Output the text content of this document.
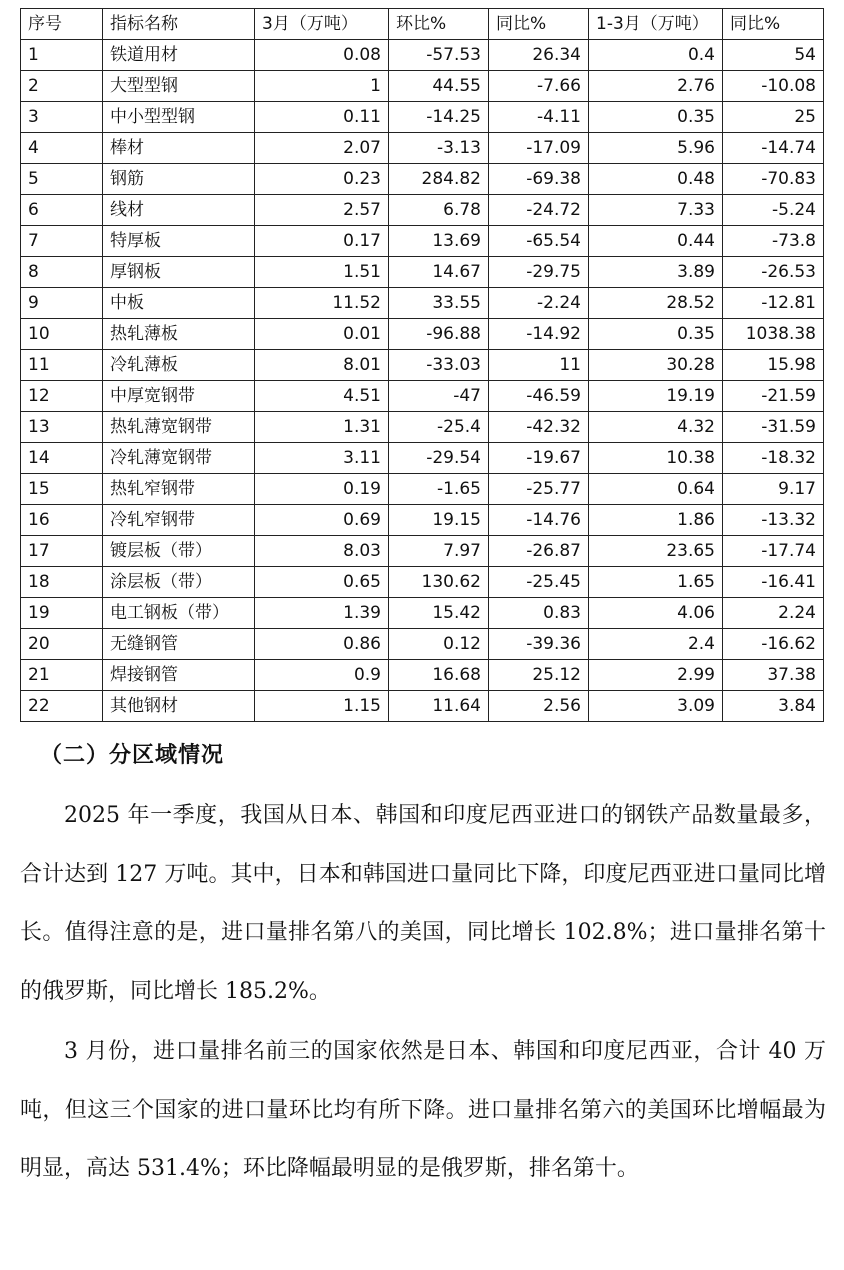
序号	指标名称	3月（万吨）	环比%	同比%	1-3月（万吨）	同比%
1	铁道用材	0.08	-57.53	26.34	0.4	54
2	大型型钢	1	44.55	-7.66	2.76	-10.08
3	中小型型钢	0.11	-14.25	-4.11	0.35	25
4	棒材	2.07	-3.13	-17.09	5.96	-14.74
5	钢筋	0.23	284.82	-69.38	0.48	-70.83
6	线材	2.57	6.78	-24.72	7.33	-5.24
7	特厚板	0.17	13.69	-65.54	0.44	-73.8
8	厚钢板	1.51	14.67	-29.75	3.89	-26.53
9	中板	11.52	33.55	-2.24	28.52	-12.81
10	热轧薄板	0.01	-96.88	-14.92	0.35	1038.38
11	冷轧薄板	8.01	-33.03	11	30.28	15.98
12	中厚宽钢带	4.51	-47	-46.59	19.19	-21.59
13	热轧薄宽钢带	1.31	-25.4	-42.32	4.32	-31.59
14	冷轧薄宽钢带	3.11	-29.54	-19.67	10.38	-18.32
15	热轧窄钢带	0.19	-1.65	-25.77	0.64	9.17
16	冷轧窄钢带	0.69	19.15	-14.76	1.86	-13.32
17	镀层板（带）	8.03	7.97	-26.87	23.65	-17.74
18	涂层板（带）	0.65	130.62	-25.45	1.65	-16.41
19	电工钢板（带）	1.39	15.42	0.83	4.06	2.24
20	无缝钢管	0.86	0.12	-39.36	2.4	-16.62
21	焊接钢管	0.9	16.68	25.12	2.99	37.38
22	其他钢材	1.15	11.64	2.56	3.09	3.84
（二）分区域情况

2025 年一季度，我国从日本、韩国和印度尼西亚进口的钢铁产品数量最多，合计达到 127 万吨。其中，日本和韩国进口量同比下降，印度尼西亚进口量同比增长。值得注意的是，进口量排名第八的美国，同比增长 102.8%；进口量排名第十的俄罗斯，同比增长 185.2%。

3 月份，进口量排名前三的国家依然是日本、韩国和印度尼西亚，合计 40 万吨，但这三个国家的进口量环比均有所下降。进口量排名第六的美国环比增幅最为明显，高达 531.4%；环比降幅最明显的是俄罗斯，排名第十。
